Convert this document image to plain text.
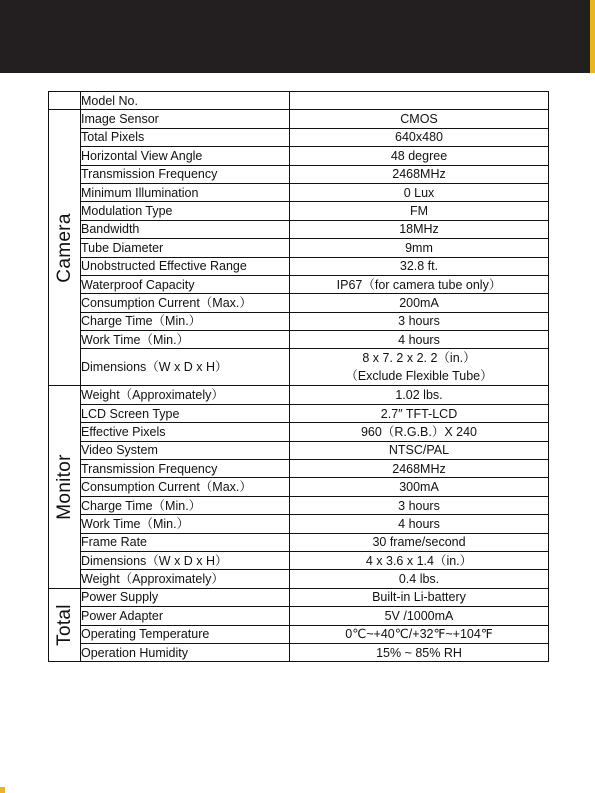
	Model No.	

Camera	Image Sensor	CMOS
	Total Pixels	640x480
	Horizontal View Angle	48 degree
	Transmission Frequency	2468MHz
	Minimum Illumination	0 Lux
	Modulation Type	FM
	Bandwidth	18MHz
	Tube Diameter	9mm
	Unobstructed Effective Range	32.8 ft.
	Waterproof Capacity	IP67（for camera tube only）
	Consumption Current（Max.）	200mA
	Charge Time（Min.）	3 hours
	Work Time（Min.）	4 hours
	Dimensions（W x D x H）	8 x 7. 2 x 2. 2（in.）
（Exclude Flexible Tube）

Monitor	Weight（Approximately）	1.02 lbs.
	LCD Screen Type	2.7″ TFT-LCD
	Effective Pixels	960（R.G.B.）X 240
	Video System	NTSC/PAL
	Transmission Frequency	2468MHz
	Consumption Current（Max.）	300mA
	Charge Time（Min.）	3 hours
	Work Time（Min.）	4 hours
	Frame Rate	30 frame/second
	Dimensions（W x D x H）	4 x 3.6 x 1.4（in.）
	Weight（Approximately）	0.4 lbs.

Total	Power Supply	Built-in Li-battery
	Power Adapter	5V /1000mA
	Operating Temperature	0℃~+40℃/+32℉~+104℉
	Operation Humidity	15% ~ 85% RH
